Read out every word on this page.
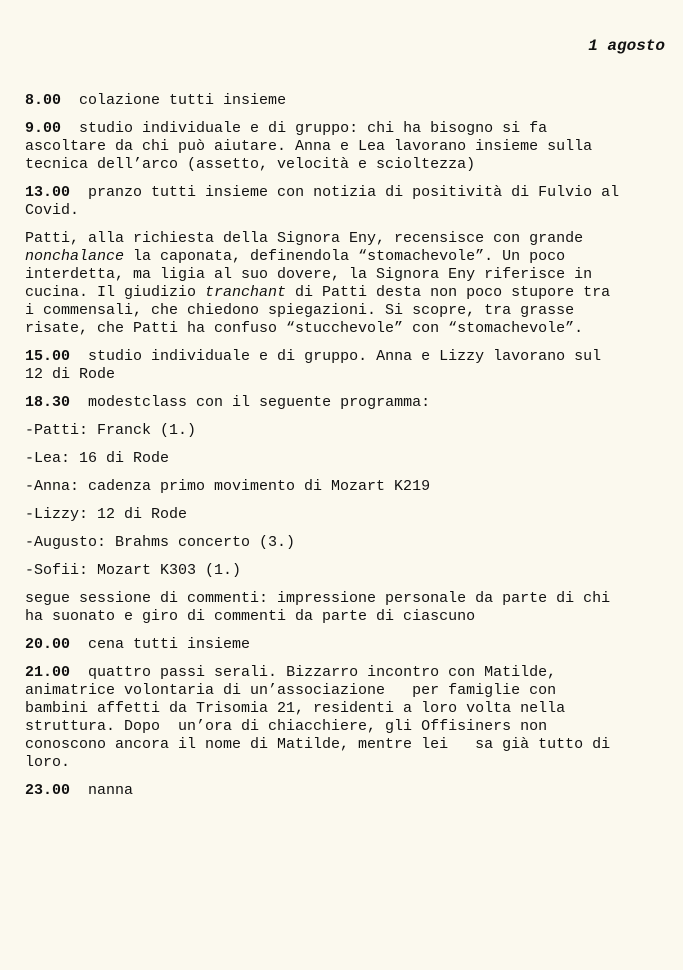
1 agosto
8.00 colazione tutti insieme
9.00 studio individuale e di gruppo: chi ha bisogno si fa
ascoltare da chi può aiutare. Anna e Lea lavorano insieme sulla
tecnica dell’arco (assetto, velocità e scioltezza)
13.00 pranzo tutti insieme con notizia di positività di Fulvio al
Covid.
Patti, alla richiesta della Signora Eny, recensisce con grande
nonchalance la caponata, definendola “stomachevole”. Un poco
interdetta, ma ligia al suo dovere, la Signora Eny riferisce in
cucina. Il giudizio tranchant di Patti desta non poco stupore tra
i commensali, che chiedono spiegazioni. Si scopre, tra grasse
risate, che Patti ha confuso “stucchevole” con “stomachevole”.
15.00 studio individuale e di gruppo. Anna e Lizzy lavorano sul
12 di Rode
18.30 modestclass con il seguente programma:
-Patti: Franck (1.)
-Lea: 16 di Rode
-Anna: cadenza primo movimento di Mozart K219
-Lizzy: 12 di Rode
-Augusto: Brahms concerto (3.)
-Sofii: Mozart K303 (1.)
segue sessione di commenti: impressione personale da parte di chi
ha suonato e giro di commenti da parte di ciascuno
20.00 cena tutti insieme
21.00 quattro passi serali. Bizzarro incontro con Matilde,
animatrice volontaria di un’associazione   per famiglie con
bambini affetti da Trisomia 21, residenti a loro volta nella
struttura. Dopo  un’ora di chiacchiere, gli Offisiners non
conoscono ancora il nome di Matilde, mentre lei   sa già tutto di
loro.
23.00 nanna
